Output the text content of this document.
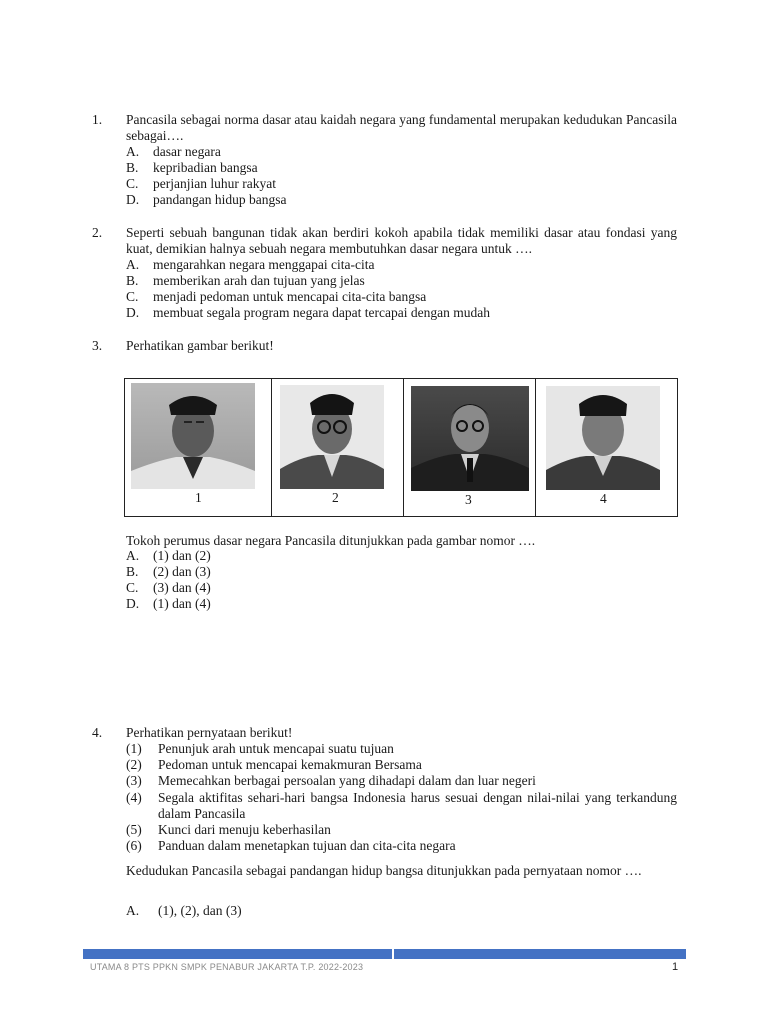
1. Pancasila sebagai norma dasar atau kaidah negara yang fundamental merupakan kedudukan Pancasila sebagai….
A. dasar negara
B. kepribadian bangsa
C. perjanjian luhur rakyat
D. pandangan hidup bangsa
2. Seperti sebuah bangunan tidak akan berdiri kokoh apabila tidak memiliki dasar atau fondasi yang kuat, demikian halnya sebuah negara membutuhkan dasar negara untuk ….
A. mengarahkan negara menggapai cita-cita
B. memberikan arah dan tujuan yang jelas
C. menjadi pedoman untuk mencapai cita-cita bangsa
D. membuat segala program negara dapat tercapai dengan mudah
3. Perhatikan gambar berikut!
1	2	3	4
Tokoh perumus dasar negara Pancasila ditunjukkan pada gambar nomor ….
A. (1) dan (2)
B. (2) dan (3)
C. (3) dan (4)
D. (1) dan (4)
4. Perhatikan pernyataan berikut!
(1) Penunjuk arah untuk mencapai suatu tujuan
(2) Pedoman untuk mencapai kemakmuran Bersama
(3) Memecahkan berbagai persoalan yang dihadapi dalam dan luar negeri
(4) Segala aktifitas sehari-hari bangsa Indonesia harus sesuai dengan nilai-nilai yang terkandung dalam Pancasila
(5) Kunci dari menuju keberhasilan
(6) Panduan dalam menetapkan tujuan dan cita-cita negara
Kedudukan Pancasila sebagai pandangan hidup bangsa ditunjukkan pada pernyataan nomor ….
A. (1), (2), dan (3)
UTAMA 8 PTS PPKN SMPK PENABUR JAKARTA T.P. 2022-2023	1
